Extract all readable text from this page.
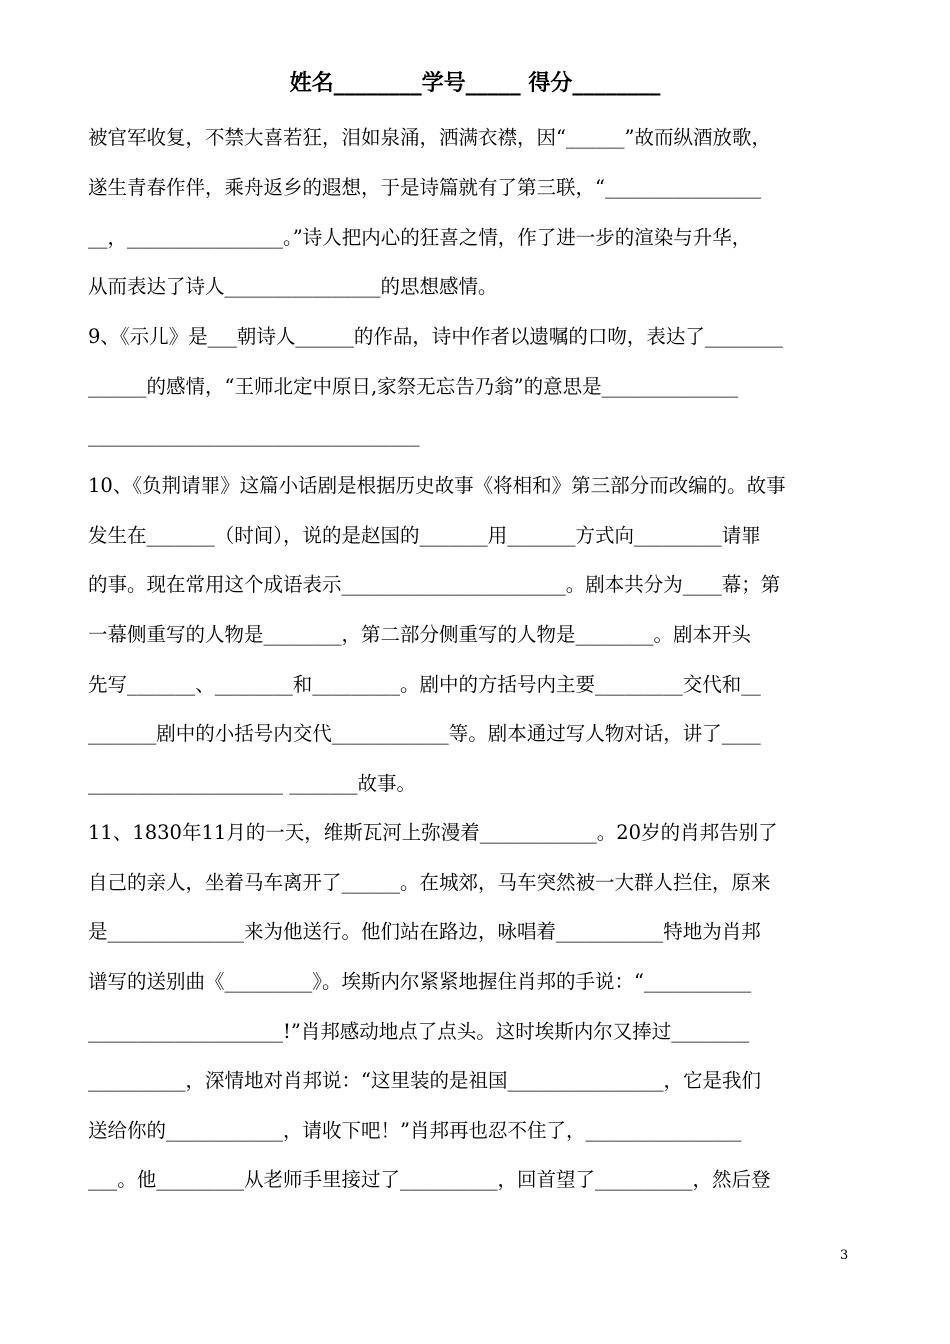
姓名________学号_____ 得分________
被官军收复，不禁大喜若狂，泪如泉涌，洒满衣襟，因“______”故而纵酒放歌，
遂生青春作伴，乘舟返乡的遐想，于是诗篇就有了第三联，“________________
__，________________。”诗人把内心的狂喜之情，作了进一步的渲染与升华，
从而表达了诗人________________的思想感情。
9、《示儿》是___朝诗人______的作品，诗中作者以遗嘱的口吻，表达了________
______的感情，“王师北定中原日,家祭无忘告乃翁”的意思是______________
__________________________________
10、《负荆请罪》这篇小话剧是根据历史故事《将相和》第三部分而改编的。故事
发生在_______（时间），说的是赵国的_______用_______方式向_________请罪
的事。现在常用这个成语表示_______________________。剧本共分为____幕；第
一幕侧重写的人物是________，第二部分侧重写的人物是________。剧本开头
先写_______、________和_________。剧中的方括号内主要_________交代和__
_______剧中的小括号内交代____________等。剧本通过写人物对话，讲了____
____________________ _______故事。
11、1830年11月的一天，维斯瓦河上弥漫着____________。20岁的肖邦告别了
自己的亲人，坐着马车离开了______。在城郊，马车突然被一大群人拦住，原来
是______________来为他送行。他们站在路边，咏唱着___________特地为肖邦
谱写的送别曲《_________》。埃斯内尔紧紧地握住肖邦的手说：“___________
____________________!”肖邦感动地点了点头。这时埃斯内尔又捧过________
__________，深情地对肖邦说：“这里装的是祖国________________，它是我们
送给你的____________，请收下吧！”肖邦再也忍不住了，________________
___。他_________从老师手里接过了__________，回首望了__________，然后登
3
